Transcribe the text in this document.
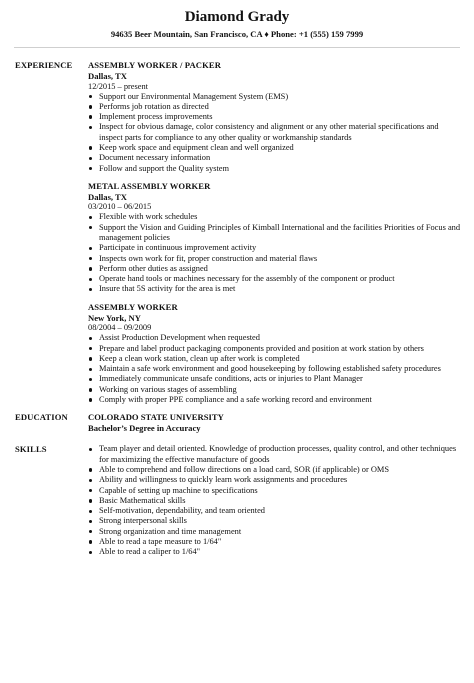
Diamond Grady
94635 Beer Mountain, San Francisco, CA ♦ Phone: +1 (555) 159 7999
EXPERIENCE ASSEMBLY WORKER / PACKER
Dallas, TX
12/2015 – present
Support our Environmental Management System (EMS)
Performs job rotation as directed
Implement process improvements
Inspect for obvious damage, color consistency and alignment or any other material specifications and inspect parts for compliance to any other quality or workmanship standards
Keep work space and equipment clean and well organized
Document necessary information
Follow and support the Quality system
METAL ASSEMBLY WORKER
Dallas, TX
03/2010 – 06/2015
Flexible with work schedules
Support the Vision and Guiding Principles of Kimball International and the facilities Priorities of Focus and management policies
Participate in continuous improvement activity
Inspects own work for fit, proper construction and material flaws
Perform other duties as assigned
Operate hand tools or machines necessary for the assembly of the component or product
Insure that 5S activity for the area is met
ASSEMBLY WORKER
New York, NY
08/2004 – 09/2009
Assist Production Development when requested
Prepare and label product packaging components provided and position at work station by others
Keep a clean work station, clean up after work is completed
Maintain a safe work environment and good housekeeping by following established safety procedures
Immediately communicate unsafe conditions, acts or injuries to Plant Manager
Working on various stages of assembling
Comply with proper PPE compliance and a safe working record and environment
EDUCATION COLORADO STATE UNIVERSITY
Bachelor’s Degree in Accuracy
SKILLS	Team player and detail oriented. Knowledge of production processes, quality control, and other techniques for maximizing the effective manufacture of goods
Able to comprehend and follow directions on a load card, SOR (if applicable) or OMS
Ability and willingness to quickly learn work assignments and procedures
Capable of setting up machine to specifications
Basic Mathematical skills
Self-motivation, dependability, and team oriented
Strong interpersonal skills
Strong organization and time management
Able to read a tape measure to 1/64"
Able to read a caliper to 1/64"
